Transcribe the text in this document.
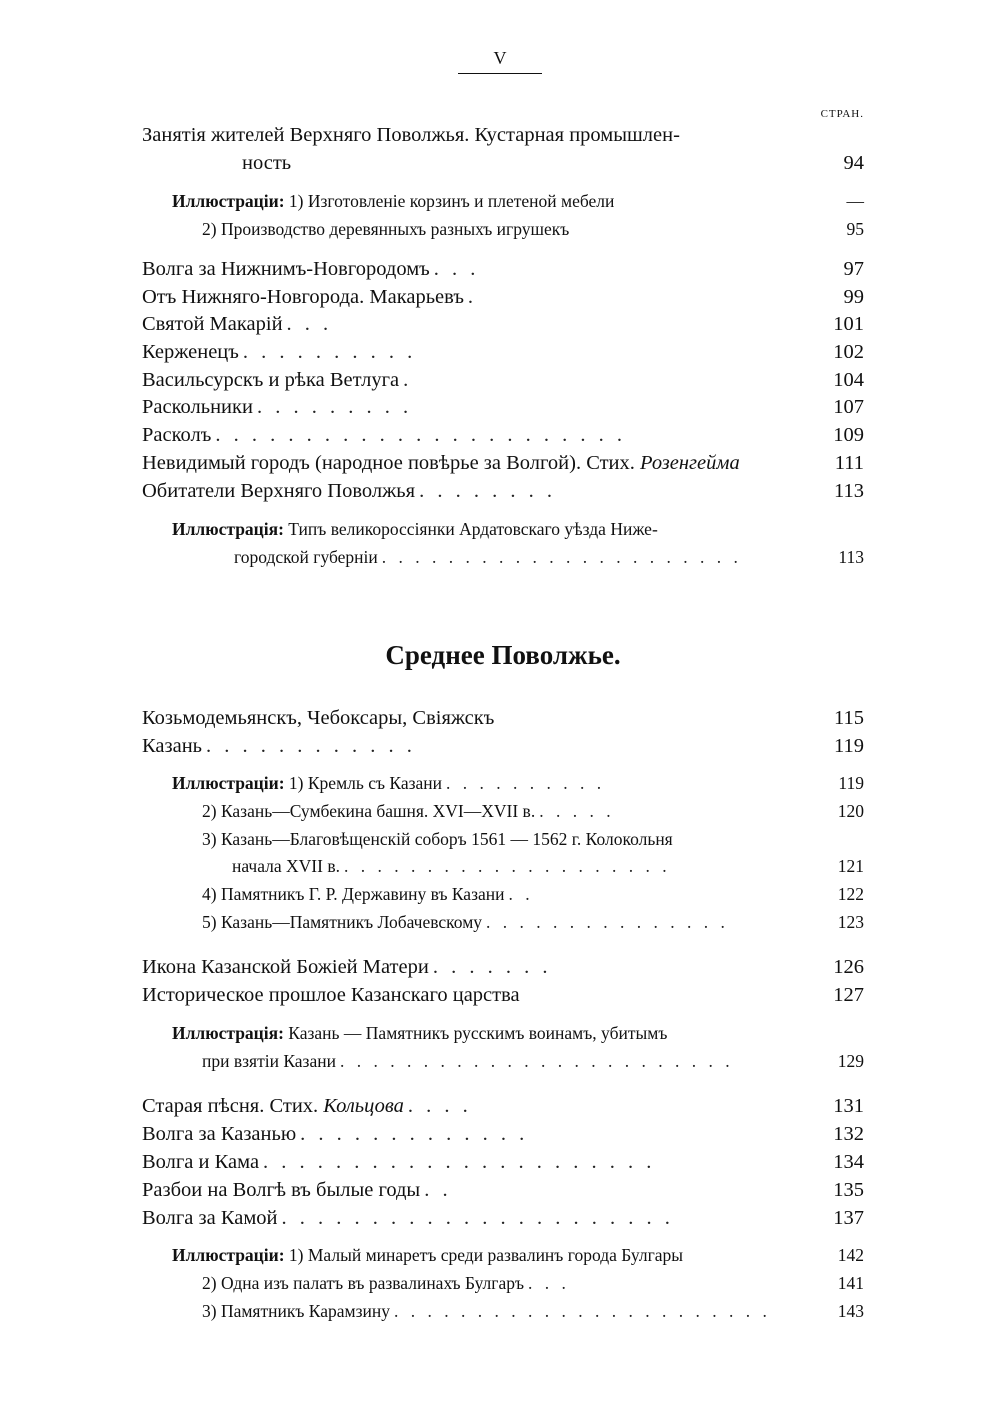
V
СТРАН.
Занятія жителей Верхняго Поволжья. Кустарная промышлен-
ность	94
Иллюстраціи: 1) Изготовленіе корзинъ и плетеной мебели	—
2) Производство деревянныхъ разныхъ игрушекъ	95
Волга за Нижнимъ-Новгородомъ . . .	97
Отъ Нижняго-Новгорода. Макарьевъ .	99
Святой Макарій . . .	101
Керженецъ . . . . . . . . . .	102
Васильсурскъ и рѣка Ветлуга .	104
Раскольники . . . . . . . . .	107
Расколъ . . . . . . . . . . . . . . . . . . . . . . .	109
Невидимый городъ (народное повѣрье за Волгой). Стих. Розенгейма	111
Обитатели Верхняго Поволжья . . . . . . . .	113
Иллюстрація: Типъ великороссіянки Ардатовскаго уѣзда Ниже-
городской губерніи . . . . . . . . . . . . . . . . . . . . . .	113
Среднее Поволжье.
Козьмодемьянскъ, Чебоксары, Свіяжскъ	115
Казань . . . . . . . . . . . .	119
Иллюстраціи: 1) Кремль съ Казани . . . . . . . . . .	119
2) Казань—Сумбекина башня. XVI—XVII в. . . . . .	120
3) Казань—Благовѣщенскій соборъ 1561 — 1562 г. Колокольня
начала XVII в. . . . . . . . . . . . . . . . . . . . .	121
4) Памятникъ Г. Р. Державину въ Казани . .	122
5) Казань—Памятникъ Лобачевскому . . . . . . . . . . . . . . .	123
Икона Казанской Божіей Матери . . . . . . .	126
Историческое прошлое Казанскаго царства	127
Иллюстрація: Казань — Памятникъ русскимъ воинамъ, убитымъ
при взятіи Казани . . . . . . . . . . . . . . . . . . . . . . . .	129
Старая пѣсня. Стих. Кольцова . . . .	131
Волга за Казанью . . . . . . . . . . . . .	132
Волга и Кама . . . . . . . . . . . . . . . . . . . . . .	134
Разбои на Волгѣ въ былые годы . .	135
Волга за Камой . . . . . . . . . . . . . . . . . . . . . .	137
Иллюстраціи: 1) Малый минаретъ среди развалинъ города Булгары	142
2) Одна изъ палатъ въ развалинахъ Булгаръ . . .	141
3) Памятникъ Карамзину . . . . . . . . . . . . . . . . . . . . . . .	143
